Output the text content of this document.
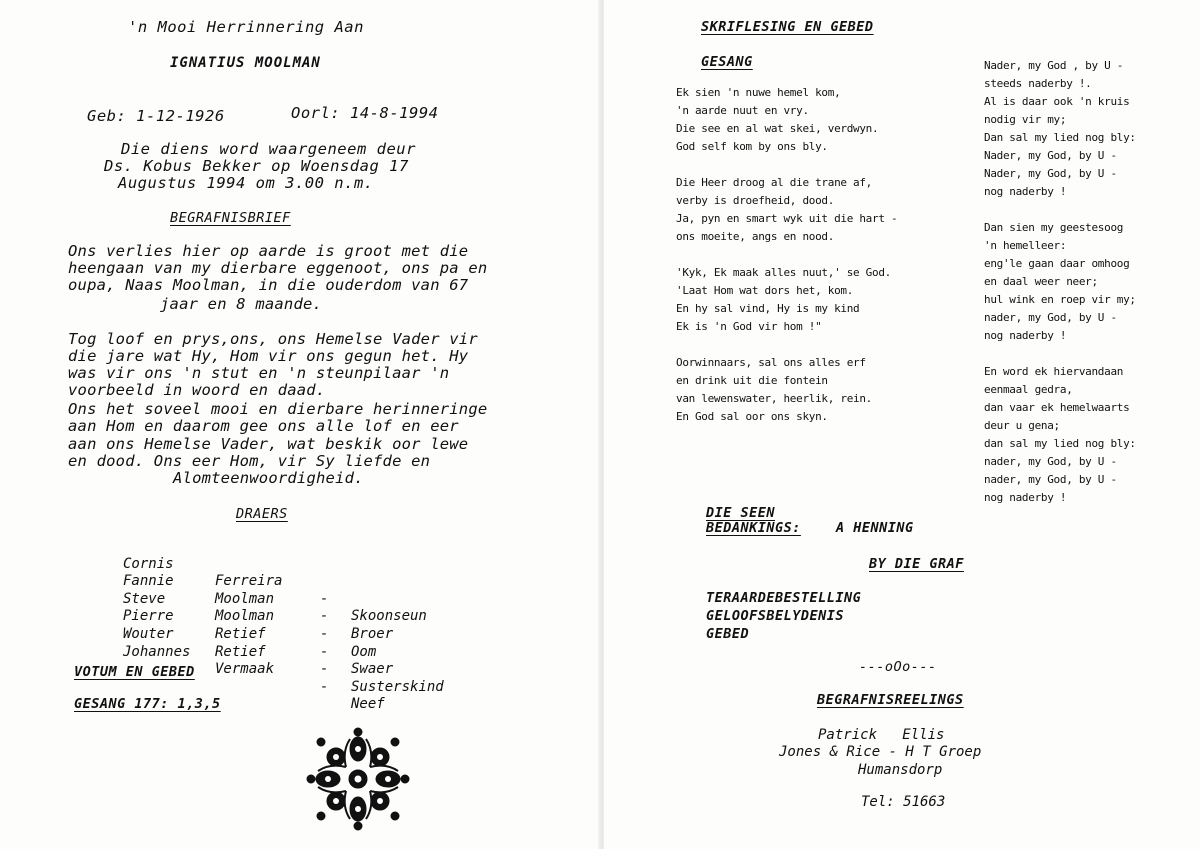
'n Mooi Herrinnering Aan
IGNATIUS MOOLMAN
Geb: 1-12-1926	Oorl: 14-8-1994
Die diens word waargeneem deur
Ds. Kobus Bekker op Woensdag 17
Augustus 1994 om 3.00 n.m.
BEGRAFNISBRIEF
Ons verlies hier op aarde is groot met die
heengaan van my dierbare eggenoot, ons pa en
oupa, Naas Moolman, in die ouderdom van 67
jaar en 8 maande.
Tog loof en prys,ons, ons Hemelse Vader vir
die jare wat Hy, Hom vir ons gegun het. Hy
was vir ons 'n stut en 'n steunpilaar 'n
voorbeeld in woord en daad.
Ons het soveel mooi en dierbare herinneringe
aan Hom en daarom gee ons alle lof en eer
aan ons Hemelse Vader, wat beskik oor lewe
en dood. Ons eer Hom, vir Sy liefde en
Alomteenwoordigheid.
DRAERS

Cornis

Ferreira

-

Skoonseun

Fannie

Moolman

-

Broer

Steve

Moolman

-

Oom

Pierre

Retief

-

Swaer

Wouter

Retief

-

Susterskind

Johannes

Vermaak

-

Neef

VOTUM EN GEBED
GESANG 177: 1,3,5
SKRIFLESING EN GEBED
GESANG
Ek sien 'n nuwe hemel kom,
'n aarde nuut en vry.
Die see en al wat skei, verdwyn.
God self kom by ons bly.
Die Heer droog al die trane af,
verby is droefheid, dood.
Ja, pyn en smart wyk uit die hart -
ons moeite, angs en nood.
'Kyk, Ek maak alles nuut,' se God.
'Laat Hom wat dors het, kom.
En hy sal vind, Hy is my kind
Ek is 'n God vir hom !"
Oorwinnaars, sal ons alles erf
en drink uit die fontein
van lewenswater, heerlik, rein.
En God sal oor ons skyn.
Nader, my God , by U -
steeds naderby !.
Al is daar ook 'n kruis
nodig vir my;
Dan sal my lied nog bly:
Nader, my God, by U -
Nader, my God, by U -
nog naderby !
Dan sien my geestesoog
'n hemelleer:
eng'le gaan daar omhoog
en daal weer neer;
hul wink en roep vir my;
nader, my God, by U -
nog naderby !
En word ek hiervandaan
eenmaal gedra,
dan vaar ek hemelwaarts
deur u gena;
dan sal my lied nog bly:
nader, my God, by U -
nader, my God, by U -
nog naderby !
DIE SEEN
BEDANKINGS:	A HENNING
BY DIE GRAF
TERAARDEBESTELLING
GELOOFSBELYDENIS
GEBED
---oOo---
BEGRAFNISREELINGS
Patrick   Ellis
Jones & Rice - H T Groep
Humansdorp
Tel: 51663
